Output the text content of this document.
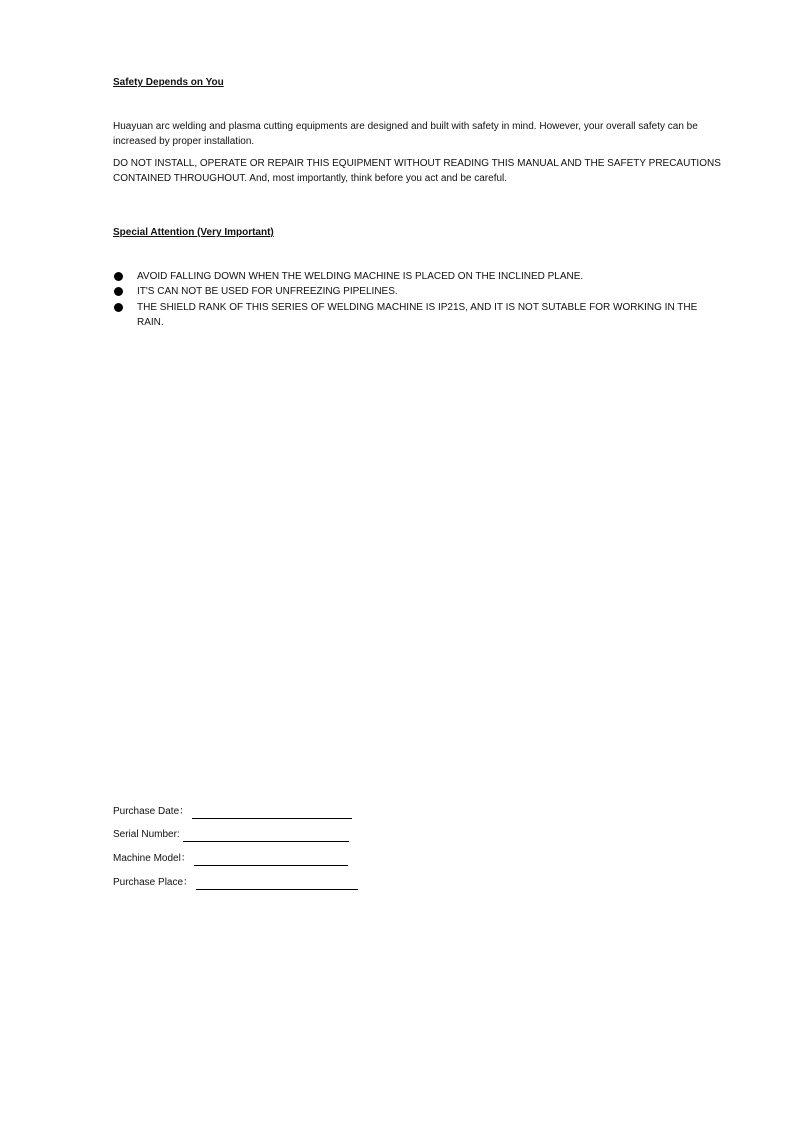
Safety Depends on You
Huayuan arc welding and plasma cutting equipments are designed and built with safety in mind. However, your overall safety can be increased by proper installation.
DO NOT INSTALL, OPERATE OR REPAIR THIS EQUIPMENT WITHOUT READING THIS MANUAL AND THE SAFETY PRECAUTIONS CONTAINED THROUGHOUT. And, most importantly, think before you act and be careful.
Special Attention (Very Important)
AVOID FALLING DOWN WHEN THE WELDING MACHINE IS PLACED ON THE INCLINED PLANE.
IT'S CAN NOT BE USED FOR UNFREEZING PIPELINES.
THE SHIELD RANK OF THIS SERIES OF WELDING MACHINE IS IP21S, AND IT IS NOT SUTABLE FOR WORKING IN THE RAIN.
Purchase Date：
Serial Number:
Machine Model：
Purchase Place：
